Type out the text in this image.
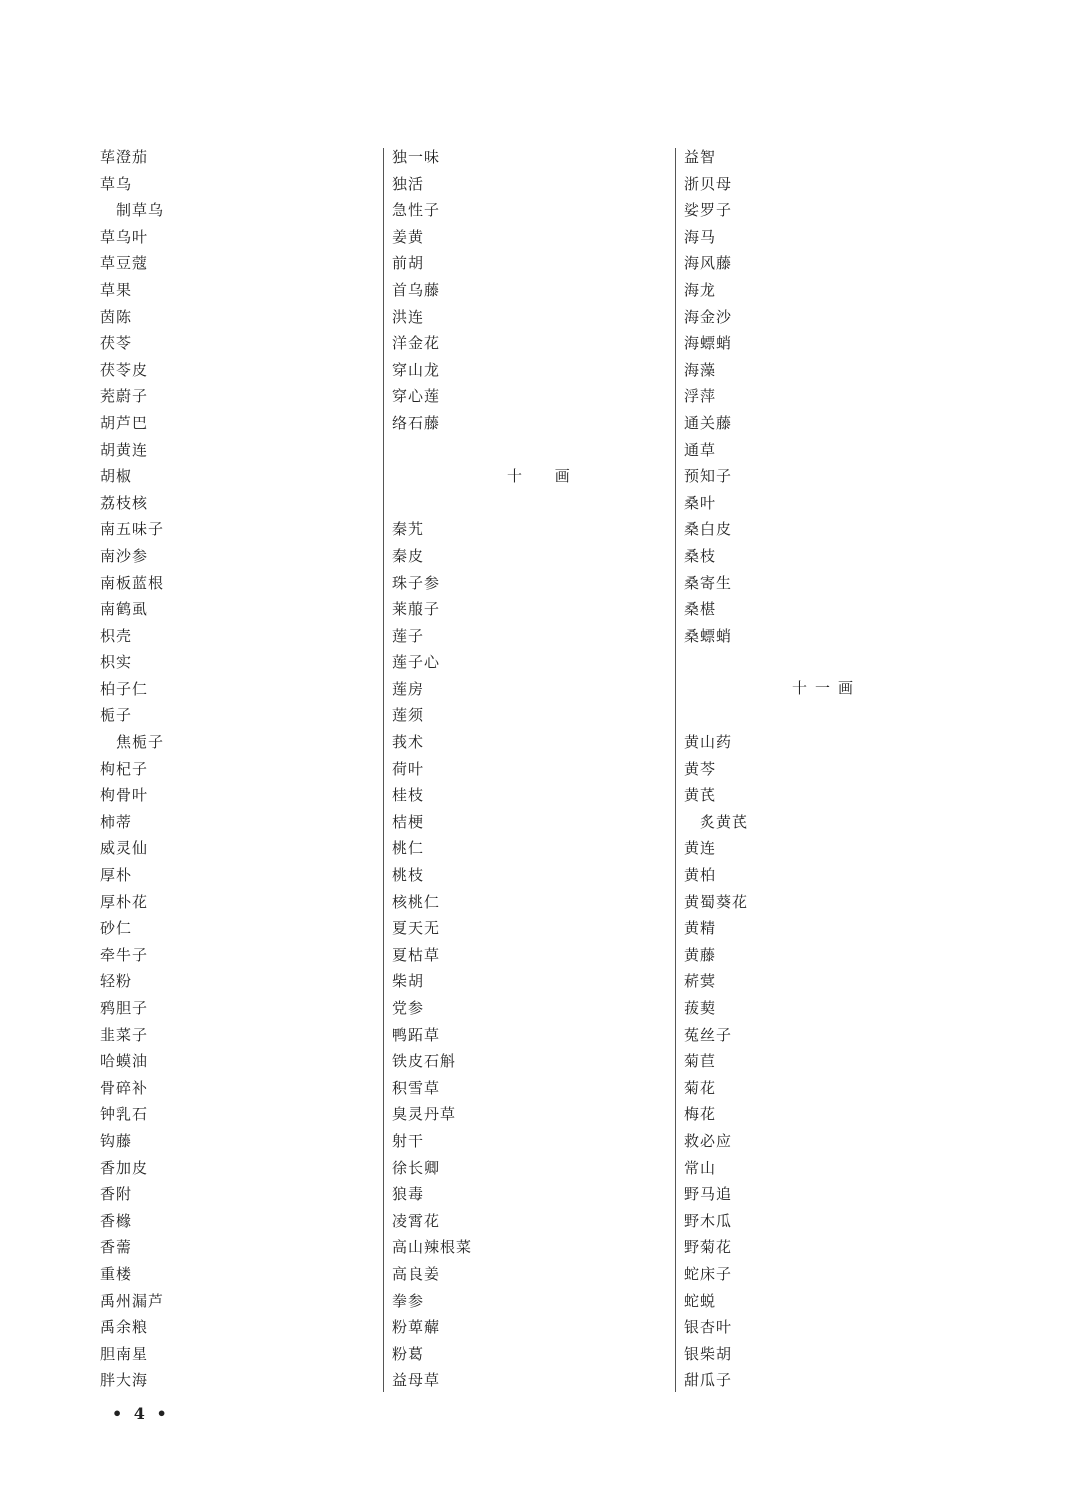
荜澄茄
草乌
制草乌
草乌叶
草豆蔻
草果
茵陈
茯苓
茯苓皮
茺蔚子
胡芦巴
胡黄连
胡椒
荔枝核
南五味子
南沙参
南板蓝根
南鹤虱
枳壳
枳实
柏子仁
栀子
焦栀子
枸杞子
枸骨叶
柿蒂
威灵仙
厚朴
厚朴花
砂仁
牵牛子
轻粉
鸦胆子
韭菜子
哈蟆油
骨碎补
钟乳石
钩藤
香加皮
香附
香橼
香薷
重楼
禹州漏芦
禹余粮
胆南星
胖大海
独一味
独活
急性子
姜黄
前胡
首乌藤
洪连
洋金花
穿山龙
穿心莲
络石藤
十 画
秦艽
秦皮
珠子参
莱菔子
莲子
莲子心
莲房
莲须
莪术
荷叶
桂枝
桔梗
桃仁
桃枝
核桃仁
夏天无
夏枯草
柴胡
党参
鸭跖草
铁皮石斛
积雪草
臭灵丹草
射干
徐长卿
狼毒
凌霄花
高山辣根菜
高良姜
拳参
粉萆薢
粉葛
益母草
益智
浙贝母
娑罗子
海马
海风藤
海龙
海金沙
海螵蛸
海藻
浮萍
通关藤
通草
预知子
桑叶
桑白皮
桑枝
桑寄生
桑椹
桑螵蛸
十一画
黄山药
黄芩
黄芪
炙黄芪
黄连
黄柏
黄蜀葵花
黄精
黄藤
菥蓂
菝葜
菟丝子
菊苣
菊花
梅花
救必应
常山
野马追
野木瓜
野菊花
蛇床子
蛇蜕
银杏叶
银柴胡
甜瓜子
• 4 •
